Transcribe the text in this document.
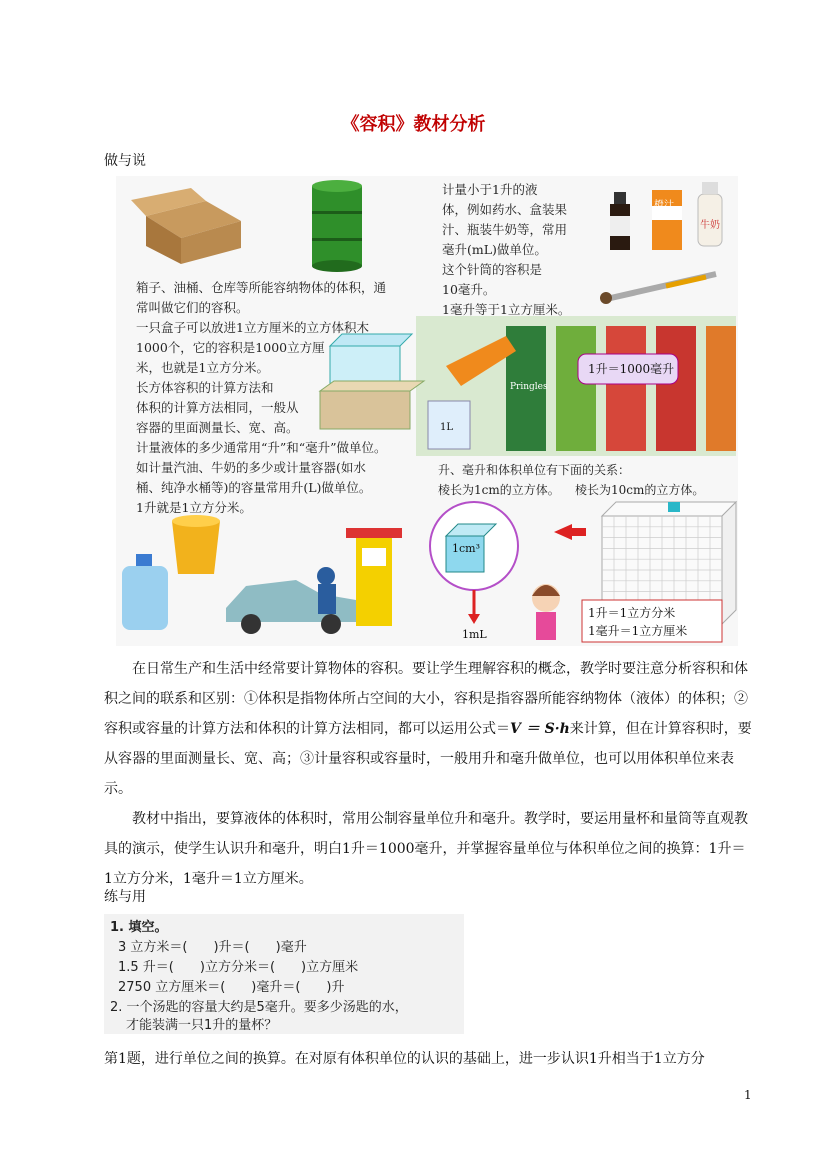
《容积》教材分析
做与说

箱子、油桶、仓库等所能容纳物体的体积，通

常叫做它们的容积。

一只盒子可以放进1立方厘米的立方体积木

1000个，它的容积是1000立方厘

米，也就是1立方分米。

长方体容积的计算方法和

体积的计算方法相同，一般从

容器的里面测量长、宽、高。

计量小于1升的液

体，例如药水、盒装果

汁、瓶装牛奶等，常用

毫升(mL)做单位。

这个针筒的容积是

10毫升。

1毫升等于1立方厘米。

计量液体的多少通常用“升”和“毫升”做单位。

如计量汽油、牛奶的多少或计量容器(如水

桶、纯净水桶等)的容量常用升(L)做单位。

1升就是1立方分米。

升、毫升和体积单位有下面的关系：

棱长为1cm的立方体。    棱长为10cm的立方体。

1cm³
1mL
1L
橙汁
牛奶
Pringles
1升＝1000毫升
1升＝1立方分米
1毫升＝1立方厘米

在日常生产和生活中经常要计算物体的容积。要让学生理解容积的概念，教学时要注意分析容积和体积之间的联系和区别：①体积是指物体所占空间的大小，容积是指容器所能容纳物体（液体）的体积；②容积或容量的计算方法和体积的计算方法相同，都可以运用公式＝V ＝ S·h来计算，但在计算容积时，要从容器的里面测量长、宽、高；③计量容积或容量时，一般用升和毫升做单位，也可以用体积单位来表示。

教材中指出，要算液体的体积时，常用公制容量单位升和毫升。教学时，要运用量杯和量筒等直观教具的演示，使学生认识升和毫升，明白1升＝1000毫升，并掌握容量单位与体积单位之间的换算：1升＝1立方分米，1毫升＝1立方厘米。

练与用
1. 填空。
3 立方米＝(　　)升＝(　　)毫升
1.5 升＝(　　)立方分米＝(　　)立方厘米
2750 立方厘米＝(　　)毫升＝(　　)升
2. 一个汤匙的容量大约是5毫升。要多少汤匙的水，
才能装满一只1升的量杯？

第1题，进行单位之间的换算。在对原有体积单位的认识的基础上，进一步认识1升相当于1立方分

1
